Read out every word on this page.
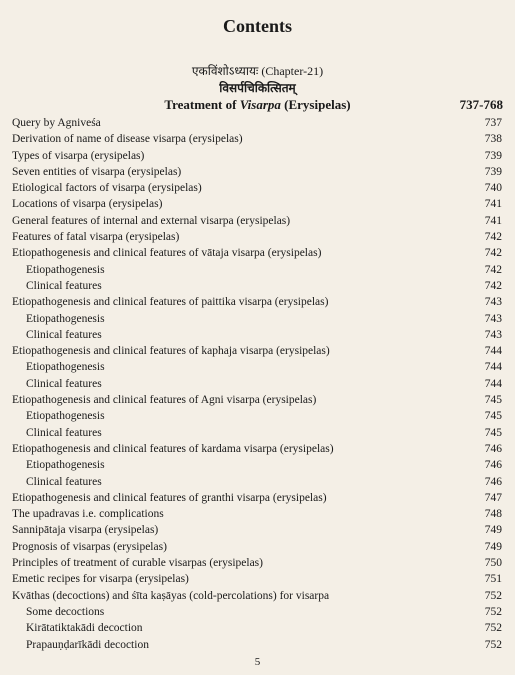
Contents
एकविंशोऽध्यायः (Chapter-21)
विसर्पचिकित्सितम्
Treatment of Visarpa (Erysipelas)	737-768
Query by Agniveśa	737
Derivation of name of disease visarpa (erysipelas)	738
Types of visarpa (erysipelas)	739
Seven entities of visarpa (erysipelas)	739
Etiological factors of visarpa (erysipelas)	740
Locations of visarpa (erysipelas)	741
General features of internal and external visarpa (erysipelas)	741
Features of fatal visarpa (erysipelas)	742
Etiopathogenesis and clinical features of vātaja visarpa (erysipelas)	742
Etiopathogenesis	742
Clinical features	742
Etiopathogenesis and clinical features of paittika visarpa (erysipelas)	743
Etiopathogenesis	743
Clinical features	743
Etiopathogenesis and clinical features of kaphaja visarpa (erysipelas)	744
Etiopathogenesis	744
Clinical features	744
Etiopathogenesis and clinical features of Agni visarpa (erysipelas)	745
Etiopathogenesis	745
Clinical features	745
Etiopathogenesis and clinical features of kardama visarpa (erysipelas)	746
Etiopathogenesis	746
Clinical features	746
Etiopathogenesis and clinical features of granthi visarpa (erysipelas)	747
The upadravas i.e. complications	748
Sannipātaja visarpa (erysipelas)	749
Prognosis of visarpas (erysipelas)	749
Principles of treatment of curable visarpas (erysipelas)	750
Emetic recipes for visarpa (erysipelas)	751
Kvāthas (decoctions) and śīta kaṣāyas (cold-percolations) for visarpa	752
Some decoctions	752
Kirātatiktakādi decoction	752
Prapauṇḍarīkādi decoction	752
5
